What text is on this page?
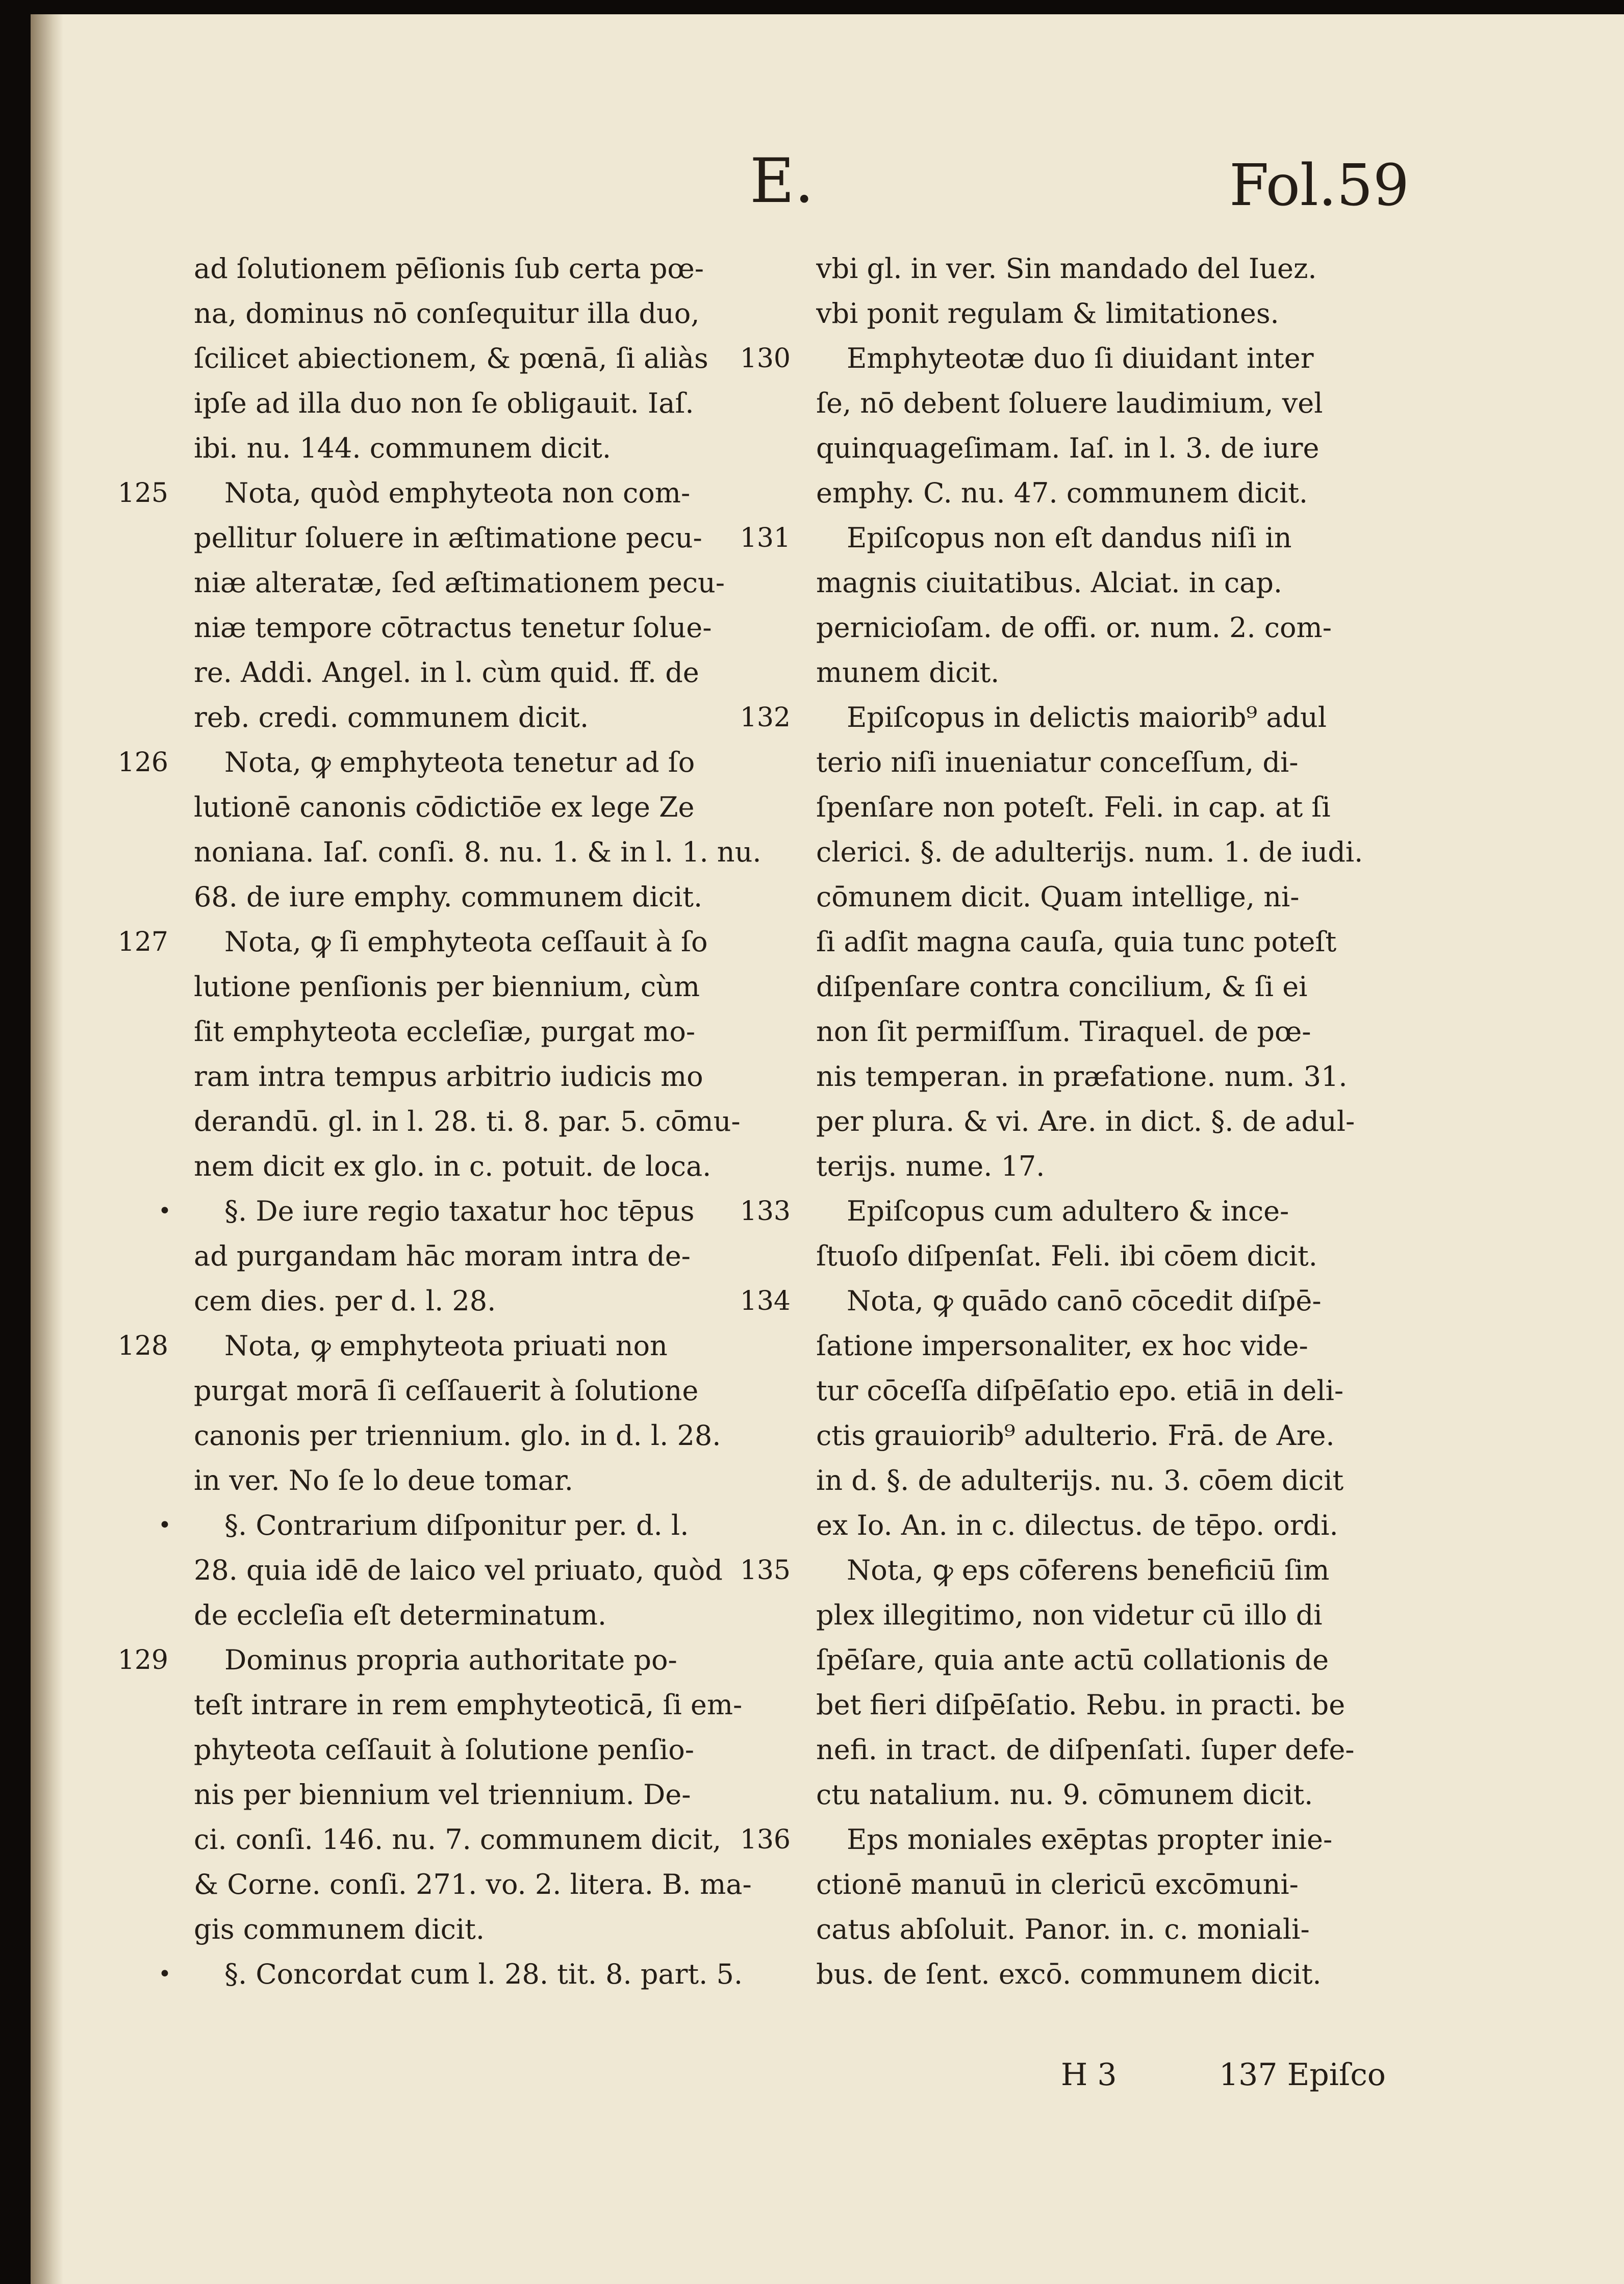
E.	Fol.59
ad ſolutionem pēſionis ſub certa pœ-
na, dominus nō conſequitur illa duo,
ſcilicet abiectionem, & pœnā, ſi aliàs
ipſe ad illa duo non ſe obligauit. Iaſ.
ibi. nu. 144. communem dicit.
125	Nota, quòd emphyteota non com-
pellitur ſoluere in æſtimatione pecu-
niæ alteratæ, ſed æſtimationem pecu-
niæ tempore cōtractus tenetur ſolue-
re. Addi. Angel. in l. cùm quid. ff. de
reb. credi. communem dicit.
126	Nota, ꝙ emphyteota tenetur ad ſo
lutionē canonis cōdictiōe ex lege Ze
noniana. Iaſ. conſi. 8. nu. 1. & in l. 1. nu.
68. de iure emphy. communem dicit.
127	Nota, ꝙ ſi emphyteota ceſſauit à ſo
lutione penſionis per biennium, cùm
ſit emphyteota eccleſiæ, purgat mo-
ram intra tempus arbitrio iudicis mo
derandū. gl. in l. 28. ti. 8. par. 5. cōmu-
nem dicit ex glo. in c. potuit. de loca.
•	§. De iure regio taxatur hoc tēpus
ad purgandam hāc moram intra de-
cem dies. per d. l. 28.
128	Nota, ꝙ emphyteota priuati non
purgat morā ſi ceſſauerit à ſolutione
canonis per triennium. glo. in d. l. 28.
in ver. No ſe lo deue tomar.
•	§. Contrarium diſponitur per. d. l.
28. quia idē de laico vel priuato, quòd
de eccleſia eſt determinatum.
129	Dominus propria authoritate po-
teſt intrare in rem emphyteoticā, ſi em-
phyteota ceſſauit à ſolutione penſio-
nis per biennium vel triennium. De-
ci. conſi. 146. nu. 7. communem dicit,
& Corne. conſi. 271. vo. 2. litera. B. ma-
gis communem dicit.
•	§. Concordat cum l. 28. tit. 8. part. 5.
vbi gl. in ver. Sin mandado del Iuez.
vbi ponit regulam & limitationes.
130	Emphyteotæ duo ſi diuidant inter
ſe, nō debent ſoluere laudimium, vel
quinquageſimam. Iaſ. in l. 3. de iure
emphy. C. nu. 47. communem dicit.
131	Epiſcopus non eſt dandus niſi in
magnis ciuitatibus. Alciat. in cap.
pernicioſam. de offi. or. num. 2. com-
munem dicit.
132	Epiſcopus in delictis maiorib⁹ adul
terio niſi inueniatur conceſſum, di-
ſpenſare non poteſt. Feli. in cap. at ſi
clerici. §. de adulterijs. num. 1. de iudi.
cōmunem dicit. Quam intellige, ni-
ſi adſit magna cauſa, quia tunc poteſt
diſpenſare contra concilium, & ſi ei
non ſit permiſſum. Tiraquel. de pœ-
nis temperan. in præfatione. num. 31.
per plura. & vi. Are. in dict. §. de adul-
terijs. nume. 17.
133	Epiſcopus cum adultero & ince-
ſtuoſo diſpenſat. Feli. ibi cōem dicit.
134	Nota, ꝙ quādo canō cōcedit diſpē-
ſatione impersonaliter, ex hoc vide-
tur cōceſſa diſpēſatio epo. etiā in deli-
ctis grauiorib⁹ adulterio. Frā. de Are.
in d. §. de adulterijs. nu. 3. cōem dicit
ex Io. An. in c. dilectus. de tēpo. ordi.
135	Nota, ꝙ eps cōferens beneficiū ſim
plex illegitimo, non videtur cū illo di
ſpēſare, quia ante actū collationis de
bet fieri diſpēſatio. Rebu. in practi. be
nefi. in tract. de diſpenſati. ſuper defe-
ctu natalium. nu. 9. cōmunem dicit.
136	Eps moniales exēptas propter inie-
ctionē manuū in clericū excōmuni-
catus abſoluit. Panor. in. c. moniali-
bus. de ſent. excō. communem dicit.
H 3	137 Epiſco
